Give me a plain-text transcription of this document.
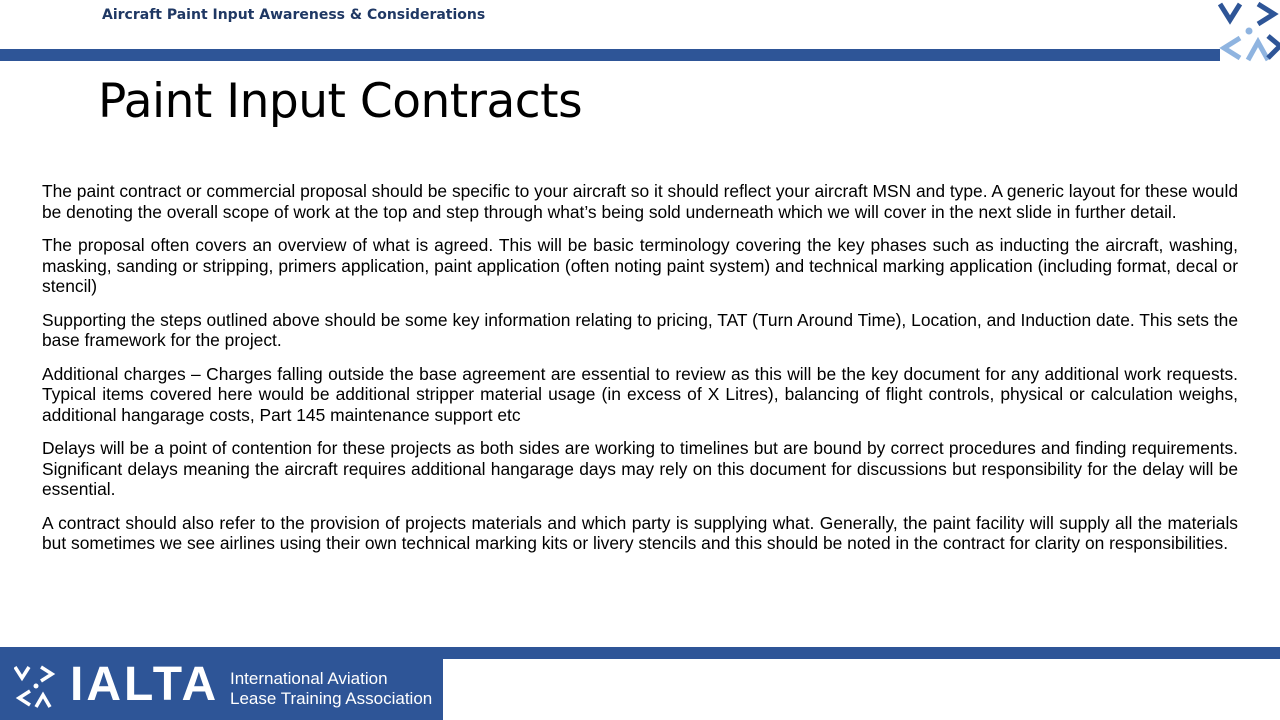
Aircraft Paint Input Awareness & Considerations
Paint Input Contracts

The paint contract or commercial proposal should be specific to your aircraft so it should reflect your aircraft MSN and type. A generic layout for these would be denoting the overall scope of work at the top and step through what’s being sold underneath which we will cover in the next slide in further detail.

The proposal often covers an overview of what is agreed. This will be basic terminology covering the key phases such as inducting the aircraft, washing, masking, sanding or stripping, primers application, paint application (often noting paint system) and technical marking application (including format, decal or stencil)

Supporting the steps outlined above should be some key information relating to pricing, TAT (Turn Around Time), Location, and Induction date. This sets the base framework for the project.

Additional charges – Charges falling outside the base agreement are essential to review as this will be the key document for any additional work requests. Typical items covered here would be additional stripper material usage (in excess of X Litres), balancing of flight controls, physical or calculation weighs, additional hangarage costs, Part 145 maintenance support etc

Delays will be a point of contention for these projects as both sides are working to timelines but are bound by correct procedures and finding requirements. Significant delays meaning the aircraft requires additional hangarage days may rely on this document for discussions but responsibility for the delay will be essential.

A contract should also refer to the provision of projects materials and which party is supplying what. Generally, the paint facility will supply all the materials but sometimes we see airlines using their own technical marking kits or livery stencils and this should be noted in the contract for clarity on responsibilities.

IALTA International Aviation
Lease Training Association
